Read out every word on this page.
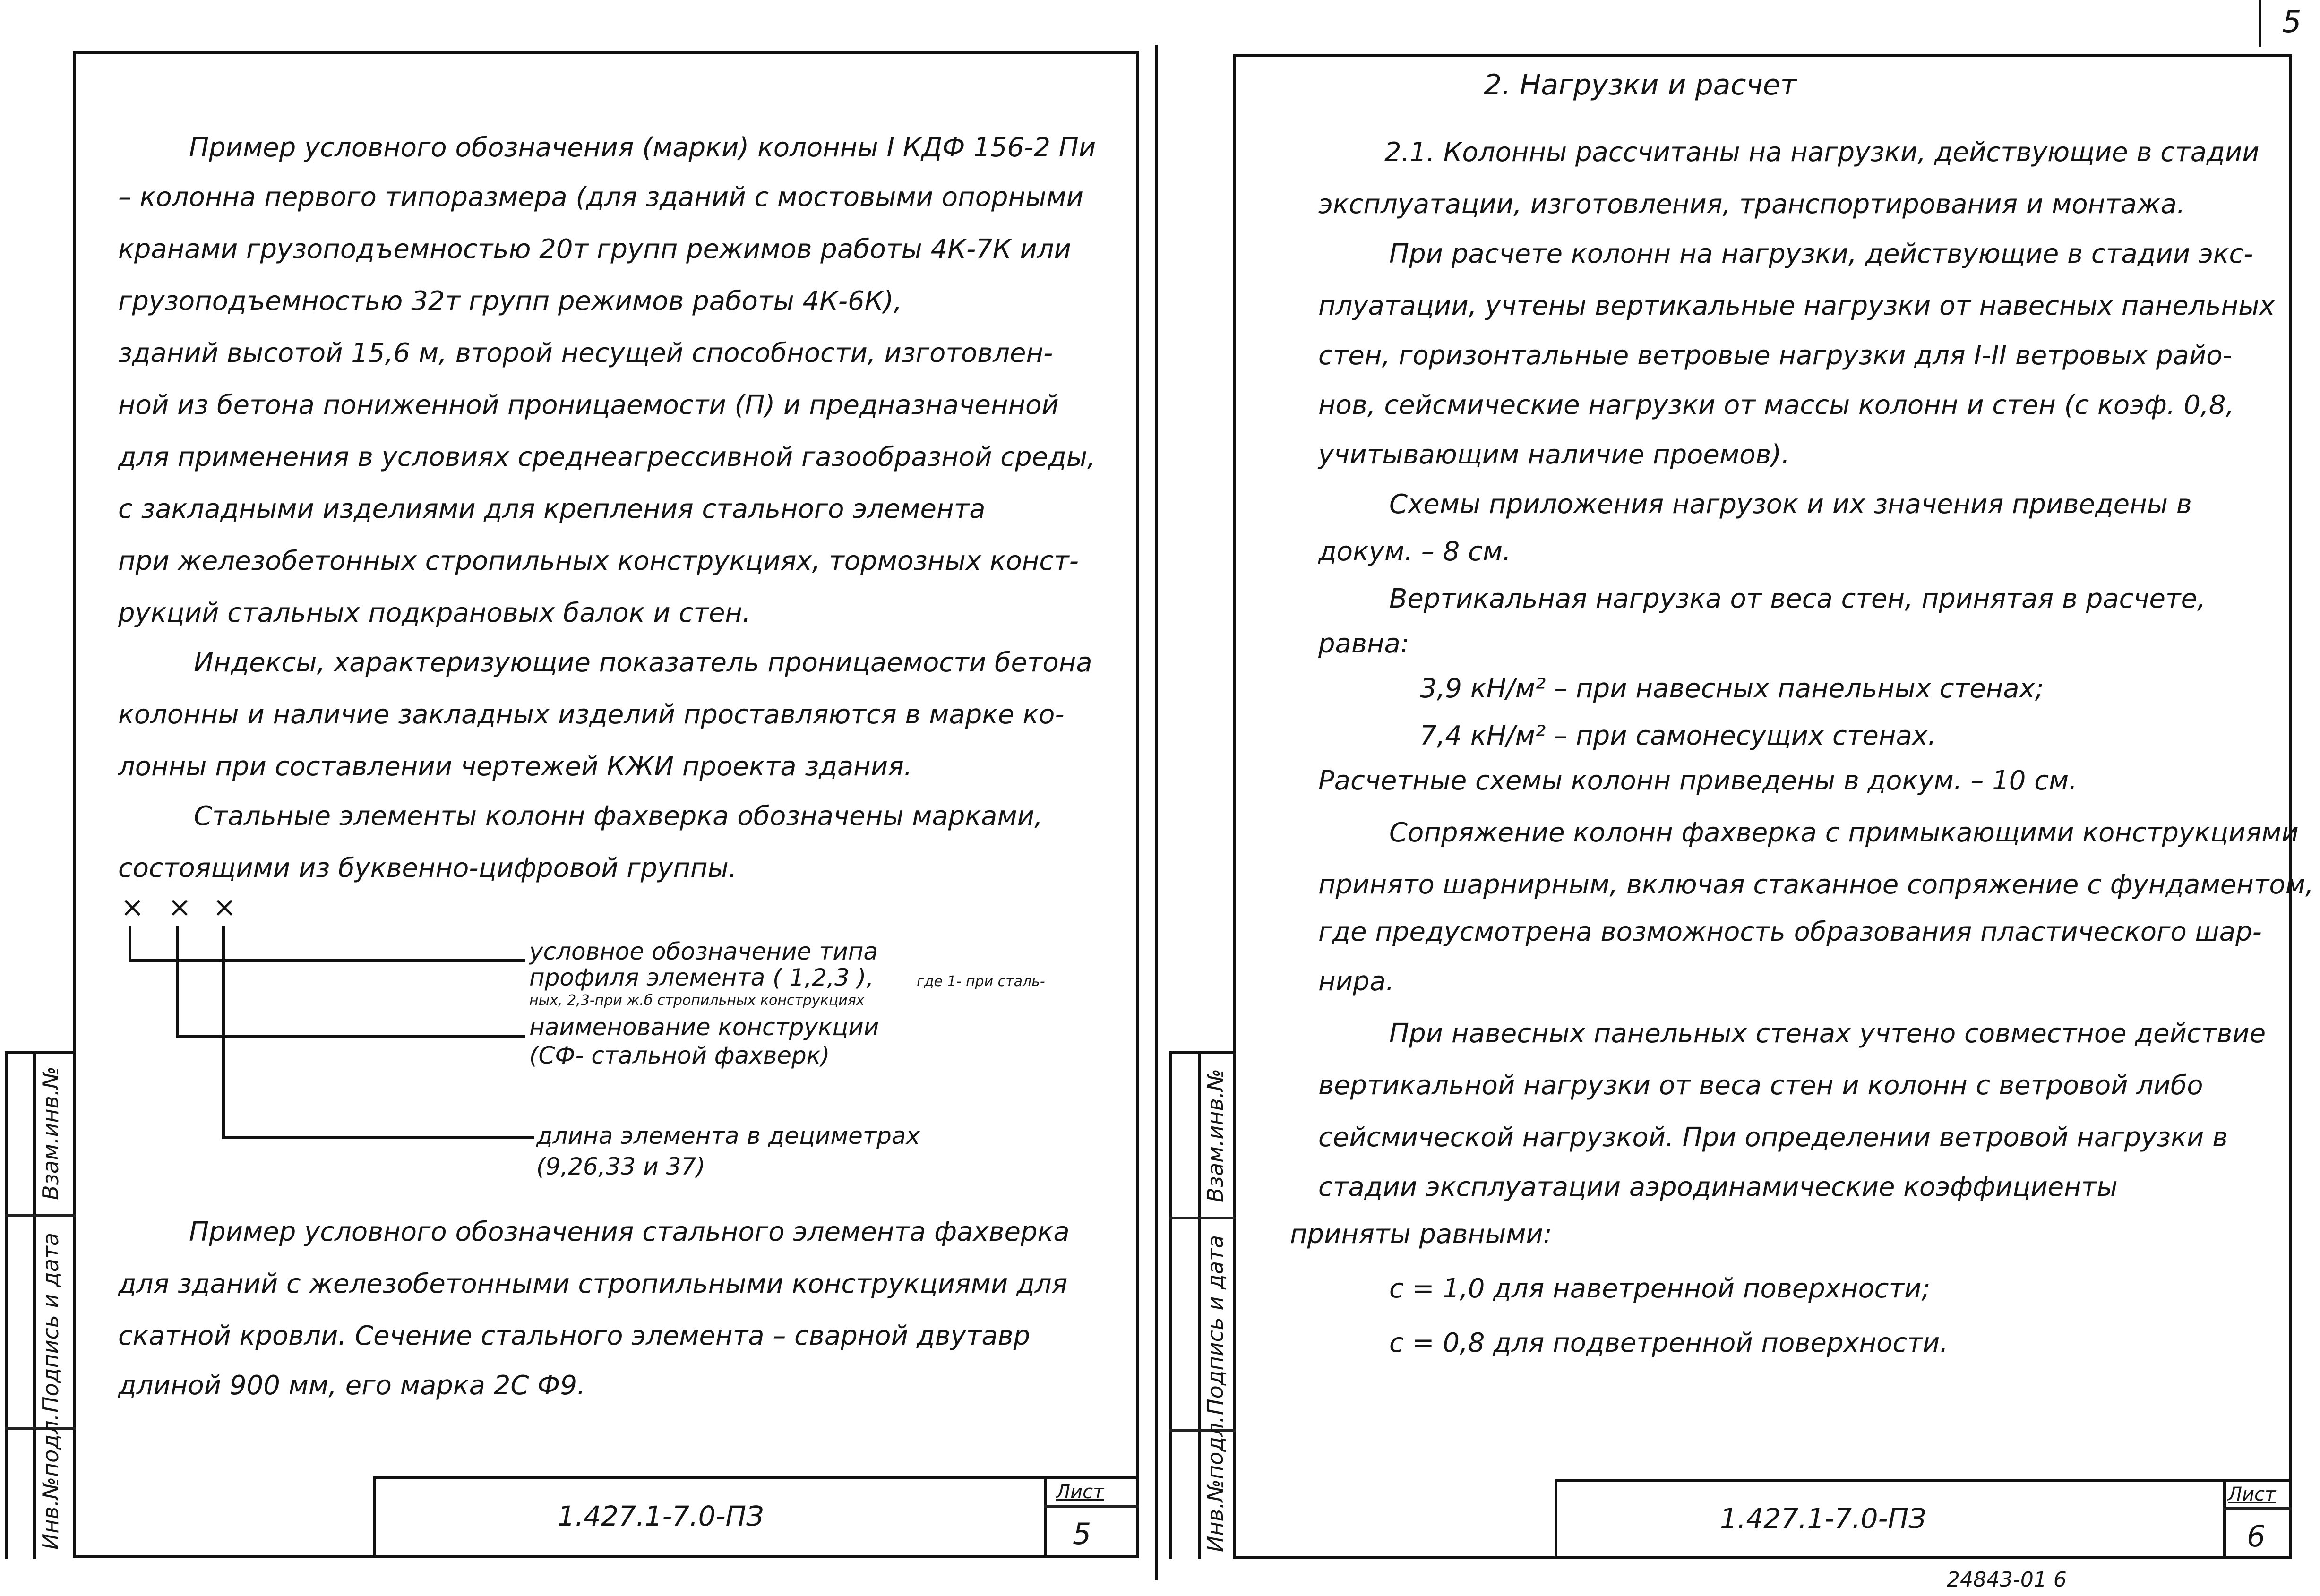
Взам.инв.№
Подпись и дата
Инв.№подл.
Пример условного обозначения (марки) колонны I КДФ 156-2 Пи
– колонна первого типоразмера (для зданий с мостовыми опорными
кранами грузоподъемностью 20т групп режимов работы 4К-7К или
грузоподъемностью 32т групп режимов работы 4К-6К),
зданий высотой 15,6 м, второй несущей способности, изготовлен-
ной из бетона пониженной проницаемости (П) и предназначенной
для применения в условиях среднеагрессивной газообразной среды,
с закладными изделиями для крепления стального элемента
при железобетонных стропильных конструкциях, тормозных конст-
рукций стальных подкрановых балок и стен.
Индексы, характеризующие показатель проницаемости бетона
колонны и наличие закладных изделий проставляются в марке ко-
лонны при составлении чертежей КЖИ проекта здания.
Стальные элементы колонн фахверка обозначены марками,
состоящими из буквенно-цифровой группы.
× × ×
условное обозначение типа
профиля элемента ( 1,2,3 ),	где 1- при сталь-
ных, 2,3-при ж.б стропильных конструкциях
наименование конструкции
(СФ- стальной фахверк)
длина элемента в дециметрах
(9,26,33 и 37)
Пример условного обозначения стального элемента фахверка
для зданий с железобетонными стропильными конструкциями для
скатной кровли. Сечение стального элемента – сварной двутавр
длиной 900 мм, его марка 2С Ф9.
1.427.1-7.0-ПЗ
Лист
5
5
Взам.инв.№
Подпись и дата
Инв.№подл.
2. Нагрузки и расчет
2.1. Колонны рассчитаны на нагрузки, действующие в стадии
эксплуатации, изготовления, транспортирования и монтажа.
При расчете колонн на нагрузки, действующие в стадии экс-
плуатации, учтены вертикальные нагрузки от навесных панельных
стен, горизонтальные ветровые нагрузки для I-II ветровых райо-
нов, сейсмические нагрузки от массы колонн и стен (с коэф. 0,8,
учитывающим наличие проемов).
Схемы приложения нагрузок и их значения приведены в
докум. – 8 см.
Вертикальная нагрузка от веса стен, принятая в расчете,
равна:
3,9 кН/м² – при навесных панельных стенах;
7,4 кН/м² – при самонесущих стенах.
Расчетные схемы колонн приведены в докум. – 10 см.
Сопряжение колонн фахверка с примыкающими конструкциями
принято шарнирным, включая стаканное сопряжение с фундаментом,
где предусмотрена возможность образования пластического шар-
нира.
При навесных панельных стенах учтено совместное действие
вертикальной нагрузки от веса стен и колонн с ветровой либо
сейсмической нагрузкой. При определении ветровой нагрузки в
стадии эксплуатации аэродинамические коэффициенты
приняты равными:
с = 1,0 для наветренной поверхности;
с = 0,8 для подветренной поверхности.
1.427.1-7.0-ПЗ
Лист
6
24843-01 6
